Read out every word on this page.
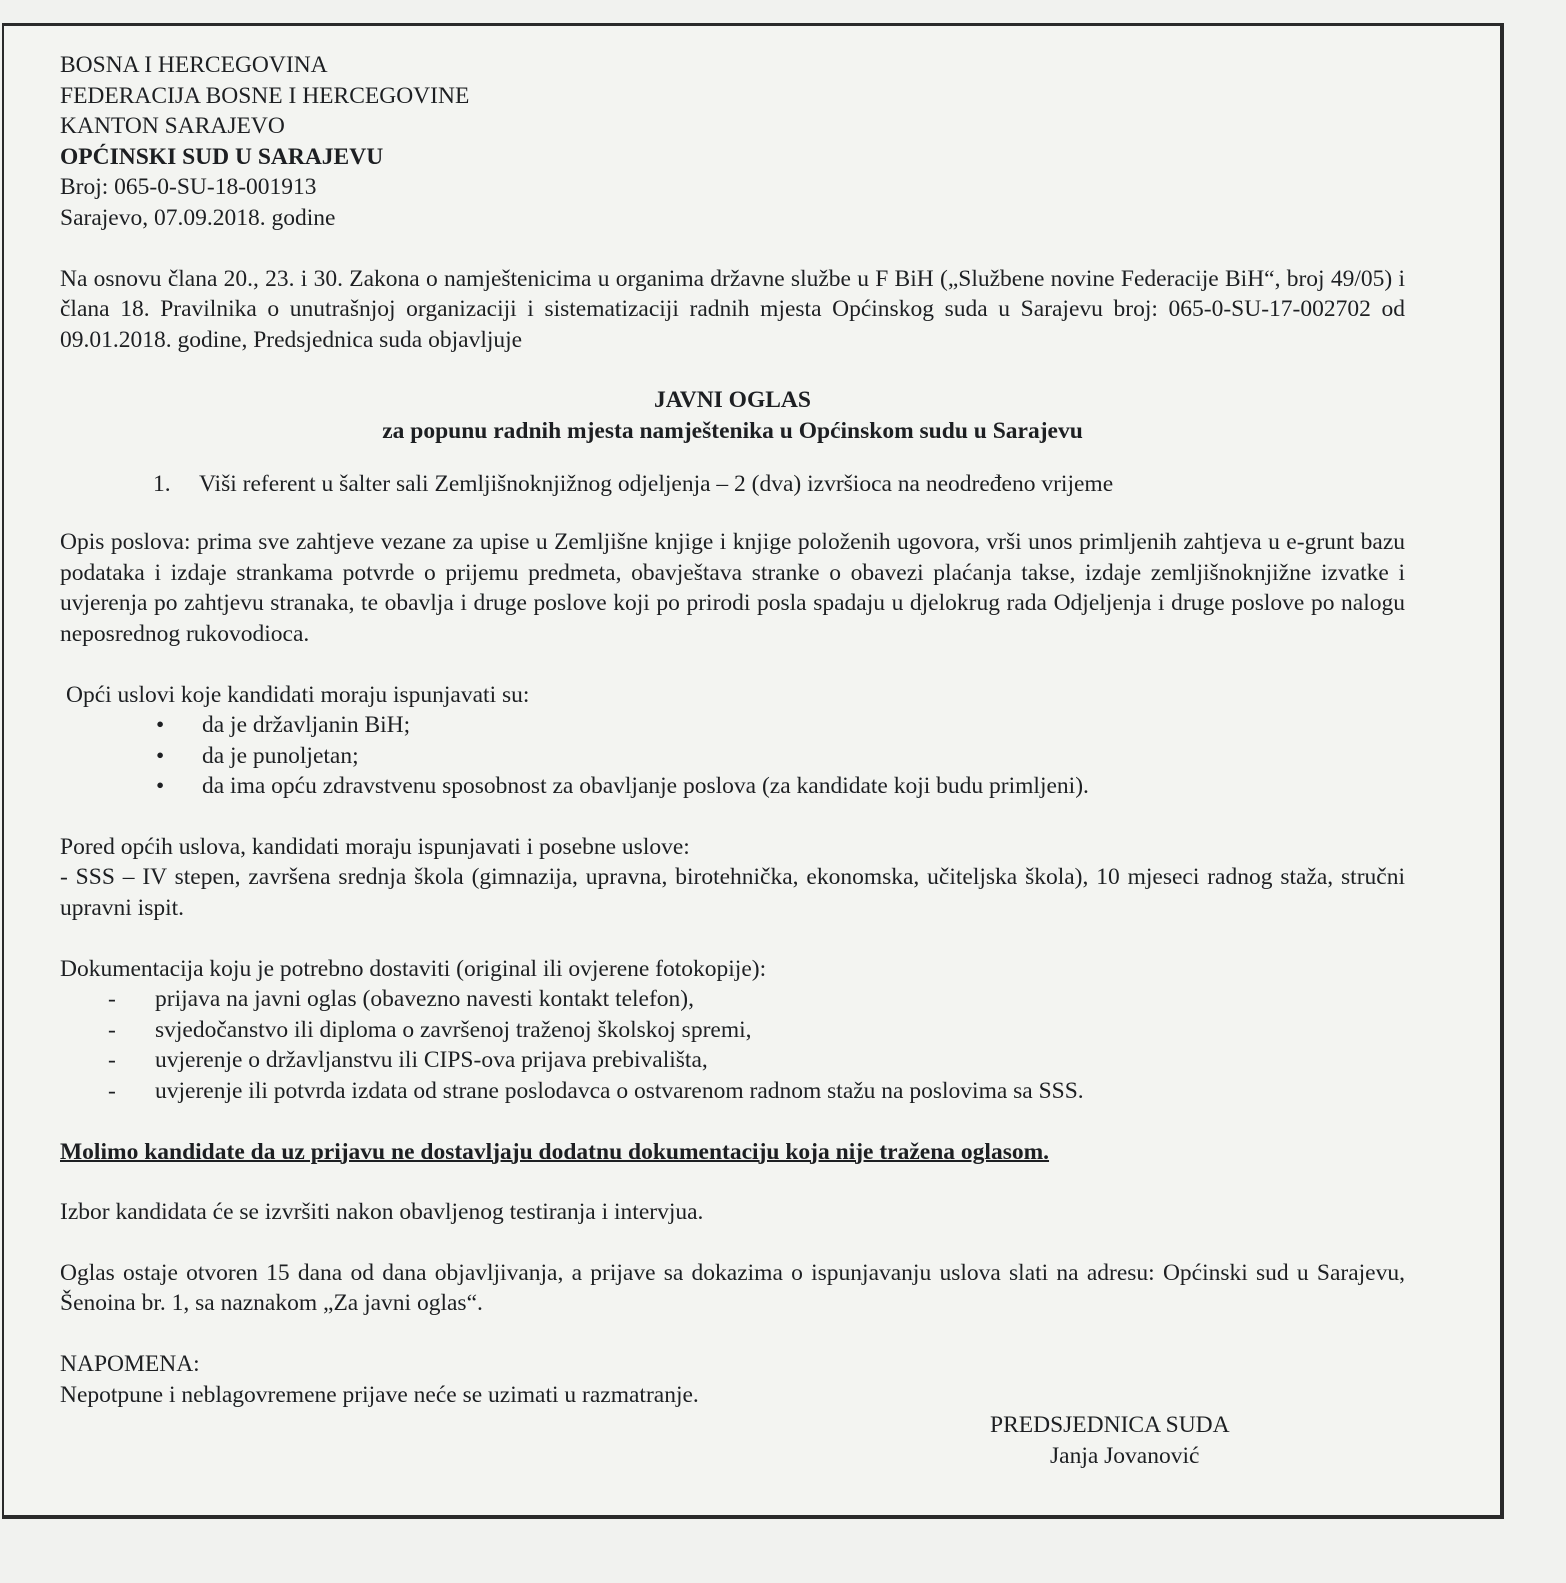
BOSNA I HERCEGOVINA
FEDERACIJA BOSNE I HERCEGOVINE
KANTON SARAJEVO
OPĆINSKI SUD U SARAJEVU
Broj: 065-0-SU-18-001913
Sarajevo, 07.09.2018. godine
Na osnovu člana 20., 23. i 30. Zakona o namještenicima u organima državne službe u F BiH („Službene novine Federacije BiH“, broj 49/05) i člana 18. Pravilnika o unutrašnjoj organizaciji i sistematizaciji radnih mjesta Općinskog suda u Sarajevu broj: 065-0-SU-17-002702 od 09.01.2018. godine, Predsjednica suda objavljuje
JAVNI OGLAS
za popunu radnih mjesta namještenika u Općinskom sudu u Sarajevu
1. Viši referent u šalter sali Zemljišnoknjižnog odjeljenja – 2 (dva) izvršioca na neodređeno vrijeme
Opis poslova: prima sve zahtjeve vezane za upise u Zemljišne knjige i knjige položenih ugovora, vrši unos primljenih zahtjeva u e-grunt bazu podataka i izdaje strankama potvrde o prijemu predmeta, obavještava stranke o obavezi plaćanja takse, izdaje zemljišnoknjižne izvatke i uvjerenja po zahtjevu stranaka, te obavlja i druge poslove koji po prirodi posla spadaju u djelokrug rada Odjeljenja i druge poslove po nalogu neposrednog rukovodioca.
Opći uslovi koje kandidati moraju ispunjavati su:
• da je državljanin BiH;
• da je punoljetan;
• da ima opću zdravstvenu sposobnost za obavljanje poslova (za kandidate koji budu primljeni).
Pored općih uslova, kandidati moraju ispunjavati i posebne uslove:
- SSS – IV stepen, završena srednja škola (gimnazija, upravna, birotehnička, ekonomska, učiteljska škola), 10 mjeseci radnog staža, stručni upravni ispit.
Dokumentacija koju je potrebno dostaviti (original ili ovjerene fotokopije):
- prijava na javni oglas (obavezno navesti kontakt telefon),
- svjedočanstvo ili diploma o završenoj traženoj školskoj spremi,
- uvjerenje o državljanstvu ili CIPS-ova prijava prebivališta,
- uvjerenje ili potvrda izdata od strane poslodavca o ostvarenom radnom stažu na poslovima sa SSS.
Molimo kandidate da uz prijavu ne dostavljaju dodatnu dokumentaciju koja nije tražena oglasom.
Izbor kandidata će se izvršiti nakon obavljenog testiranja i intervjua.
Oglas ostaje otvoren 15 dana od dana objavljivanja, a prijave sa dokazima o ispunjavanju uslova slati na adresu: Općinski sud u Sarajevu, Šenoina br. 1, sa naznakom „Za javni oglas“.
NAPOMENA:
Nepotpune i neblagovremene prijave neće se uzimati u razmatranje.
PREDSJEDNICA SUDA
Janja Jovanović
